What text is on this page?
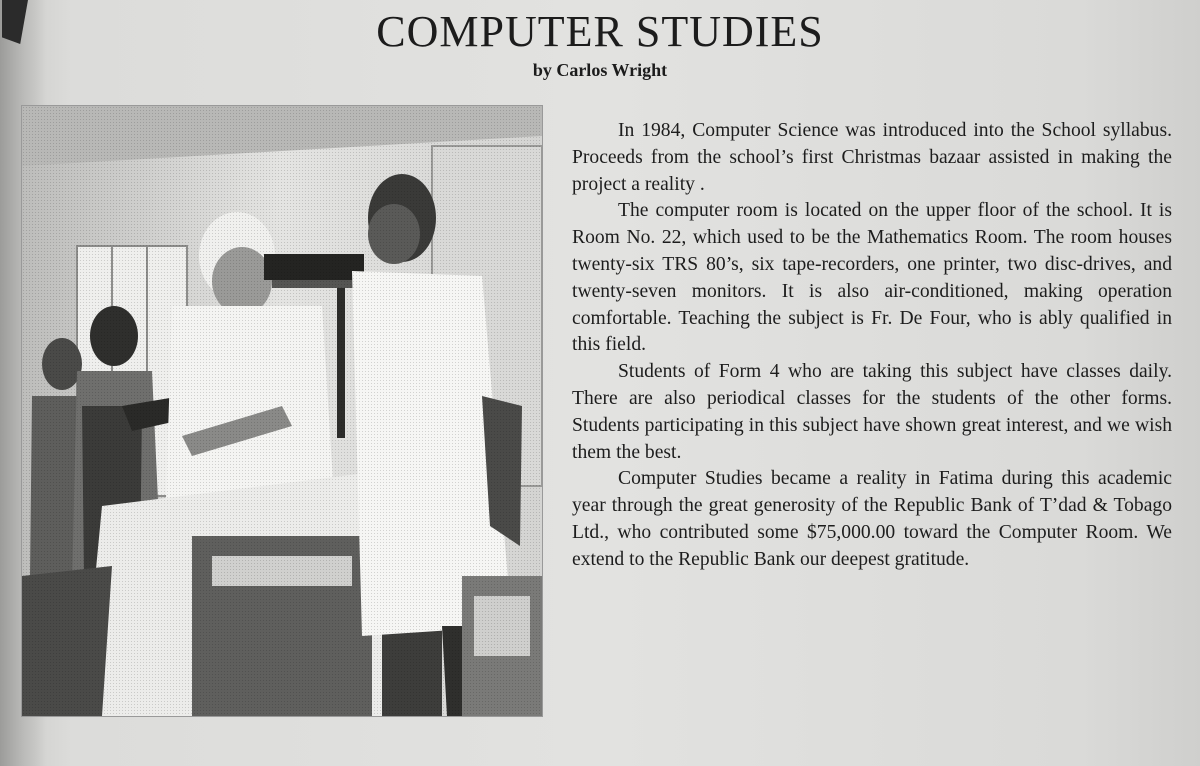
COMPUTER STUDIES
by Carlos Wright

In 1984, Computer Science was introduced into the School syllabus. Proceeds from the school’s first Christmas bazaar assisted in making the project a reality .

The computer room is located on the upper floor of the school. It is Room No. 22, which used to be the Mathematics Room. The room houses twenty-six TRS 80’s, six tape-recorders, one printer, two disc-drives, and twenty-seven monitors. It is also air-conditioned, making operation comfortable. Teaching the subject is Fr. De Four, who is ably qualified in this field.

Students of Form 4 who are taking this subject have classes daily. There are also periodical classes for the students of the other forms. Students participating in this subject have shown great interest, and we wish them the best.

Computer Studies became a reality in Fatima during this academic year through the great generosity of the Republic Bank of T’dad & Tobago Ltd., who contributed some $75,000.00 toward the Computer Room. We extend to the Republic Bank our deepest gratitude.
